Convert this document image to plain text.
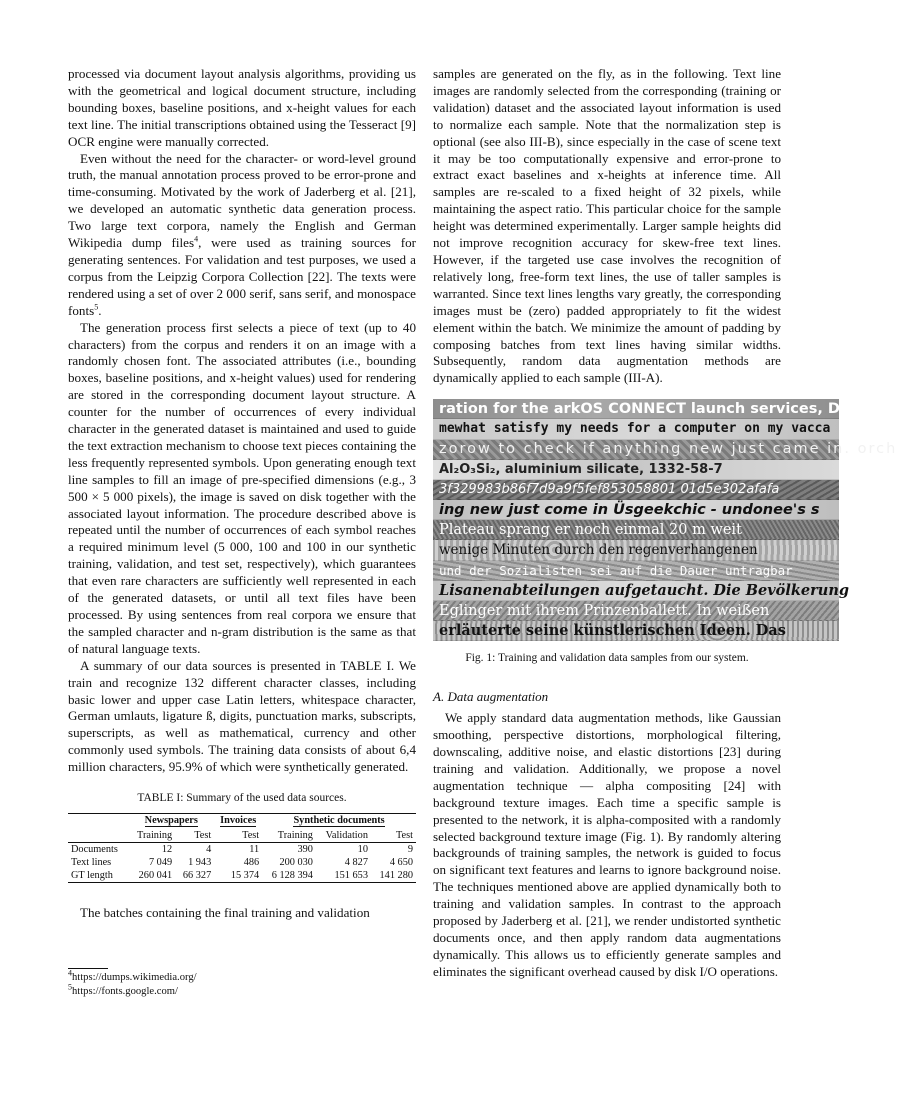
processed via document layout analysis algorithms, providing us with the geometrical and logical document structure, including bounding boxes, baseline positions, and x-height values for each text line. The initial transcriptions obtained using the Tesseract [9] OCR engine were manually corrected.

Even without the need for the character- or word-level ground truth, the manual annotation process proved to be error-prone and time-consuming. Motivated by the work of Jaderberg et al. [21], we developed an automatic synthetic data generation process. Two large text corpora, namely the English and German Wikipedia dump files$^4$, were used as training sources for generating sentences. For validation and test purposes, we used a corpus from the Leipzig Corpora Collection [22]. The texts were rendered using a set of over 2 000 serif, sans serif, and monospace fonts$^5$.

The generation process first selects a piece of text (up to 40 characters) from the corpus and renders it on an image with a randomly chosen font. The associated attributes (i.e., bounding boxes, baseline positions, and x-height values) used for rendering are stored in the corresponding document layout structure. A counter for the number of occurrences of every individual character in the generated dataset is maintained and used to guide the text extraction mechanism to choose text pieces containing the less frequently represented symbols. Upon generating enough text line samples to fill an image of pre-specified dimensions (e.g., 3 500 × 5 000 pixels), the image is saved on disk together with the associated layout information. The procedure described above is repeated until the number of occurrences of each symbol reaches a required minimum level (5 000, 100 and 100 in our synthetic training, validation, and test set, respectively), which guarantees that even rare characters are sufficiently well represented in each of the generated datasets, or until all text files have been processed. By using sentences from real corpora we ensure that the sampled character and n-gram distribution is the same as that of natural language texts.

A summary of our data sources is presented in TABLE I. We train and recognize 132 different character classes, including basic lower and upper case Latin letters, whitespace character, German umlauts, ligature ß, digits, punctuation marks, subscripts, superscripts, as well as mathematical, currency and other commonly used symbols. The training data consists of about 6,4 million characters, 95.9% of which were synthetically generated.

TABLE I: Summary of the used data sources.
	Newspapers		Invoices	Synthetic documents		
	Training	Test	Test	Training	Validation	Test
Documents	12	4	11	390	10	9
Text lines	7 049	1 943	486	200 030	4 827	4 650
GT length	260 041	66 327	15 374	6 128 394	151 653	141 280

The batches containing the final training and validation

$^4$https://dumps.wikimedia.org/
$^5$https://fonts.google.com/

samples are generated on the fly, as in the following. Text line images are randomly selected from the corresponding (training or validation) dataset and the associated layout information is used to normalize each sample. Note that the normalization step is optional (see also III-B), since especially in the case of scene text it may be too computationally expensive and error-prone to extract exact baselines and x-heights at inference time. All samples are re-scaled to a fixed height of 32 pixels, while maintaining the aspect ratio. This particular choice for the sample height was determined experimentally. Larger sample heights did not improve recognition accuracy for skew-free text lines. However, if the targeted use case involves the recognition of relatively long, free-form text lines, the use of taller samples is warranted. Since text lines lengths vary greatly, the corresponding images must be (zero) padded appropriately to fit the widest element within the batch. We minimize the amount of padding by composing batches from text lines having similar widths. Subsequently, random data augmentation methods are dynamically applied to each sample (III-A).

ration for the arkOS CONNECT launch services, D
mewhat satisfy my needs for a computer on my vacca
zorow to check if anything new just came in. orch
Al₂O₃Si₂, aluminium silicate, 1332-58-7
3f329983b86f7d9a9f5fef853058801 01d5e302afafa
ing new just come in Üsgeekchic - undonee's s
Plateau sprang er noch einmal 20 m weit
wenige Minuten durch den regenverhangenen
und der Sozialisten sei auf die Dauer untragbar
Lisanenabteilungen aufgetaucht. Die Bevölkerung
Eglinger mit ihrem Prinzenballett. In weißen
erläuterte seine künstlerischen Ideen. Das
Fig. 1: Training and validation data samples from our system.
A. Data augmentation

We apply standard data augmentation methods, like Gaussian smoothing, perspective distortions, morphological filtering, downscaling, additive noise, and elastic distortions [23] during training and validation. Additionally, we propose a novel augmentation technique — alpha compositing [24] with background texture images. Each time a specific sample is presented to the network, it is alpha-composited with a randomly selected background texture image (Fig. 1). By randomly altering backgrounds of training samples, the network is guided to focus on significant text features and learns to ignore background noise. The techniques mentioned above are applied dynamically both to training and validation samples. In contrast to the approach proposed by Jaderberg et al. [21], we render undistorted synthetic documents once, and then apply random data augmentations dynamically. This allows us to efficiently generate samples and eliminates the significant overhead caused by disk I/O operations.
